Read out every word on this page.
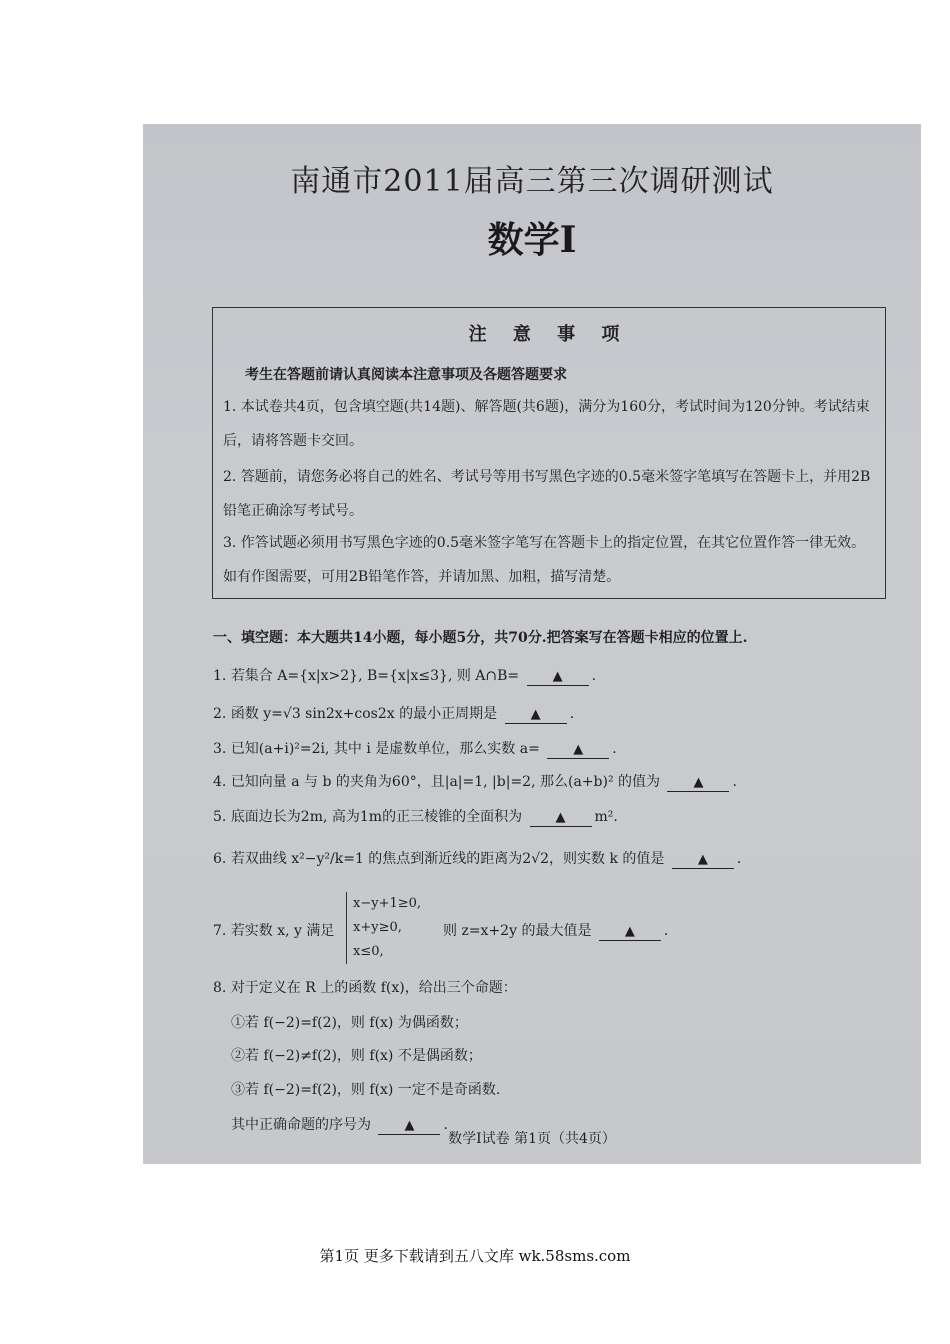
南通市2011届高三第三次调研测试
数学Ⅰ
注 意 事 项
考生在答题前请认真阅读本注意事项及各题答题要求
1. 本试卷共4页，包含填空题(共14题)、解答题(共6题)，满分为160分，考试时间为120分钟。考试结束后，请将答题卡交回。
2. 答题前，请您务必将自己的姓名、考试号等用书写黑色字迹的0.5毫米签字笔填写在答题卡上，并用2B铅笔正确涂写考试号。
3. 作答试题必须用书写黑色字迹的0.5毫米签字笔写在答题卡上的指定位置，在其它位置作答一律无效。如有作图需要，可用2B铅笔作答，并请加黑、加粗，描写清楚。
一、填空题：本大题共14小题，每小题5分，共70分.把答案写在答题卡相应的位置上.
1. 若集合 A={x|x>2}, B={x|x≤3}, 则 A∩B=	▲ .
2. 函数 y=√3 sin2x+cos2x 的最小正周期是	▲ .
3. 已知(a+i)²=2i, 其中 i 是虚数单位，那么实数 a=	▲ .
4. 已知向量 a 与 b 的夹角为60°，且|a|=1, |b|=2, 那么(a+b)² 的值为	▲ .
5. 底面边长为2m, 高为1m的正三棱锥的全面积为	▲ m².
6. 若双曲线 x²−y²/k=1 的焦点到渐近线的距离为2√2，则实数 k 的值是	▲ .
7. 若实数 x, y 满足
x−y+1≥0,
x+y≥0,
x≤0,
则 z=x+2y 的最大值是	▲ .
8. 对于定义在 R 上的函数 f(x)，给出三个命题：
①若 f(−2)=f(2)，则 f(x) 为偶函数；
②若 f(−2)≠f(2)，则 f(x) 不是偶函数；
③若 f(−2)=f(2)，则 f(x) 一定不是奇函数.
其中正确命题的序号为	▲ .
数学Ⅰ试卷 第1页（共4页）
第1页 更多下载请到五八文库 wk.58sms.com
